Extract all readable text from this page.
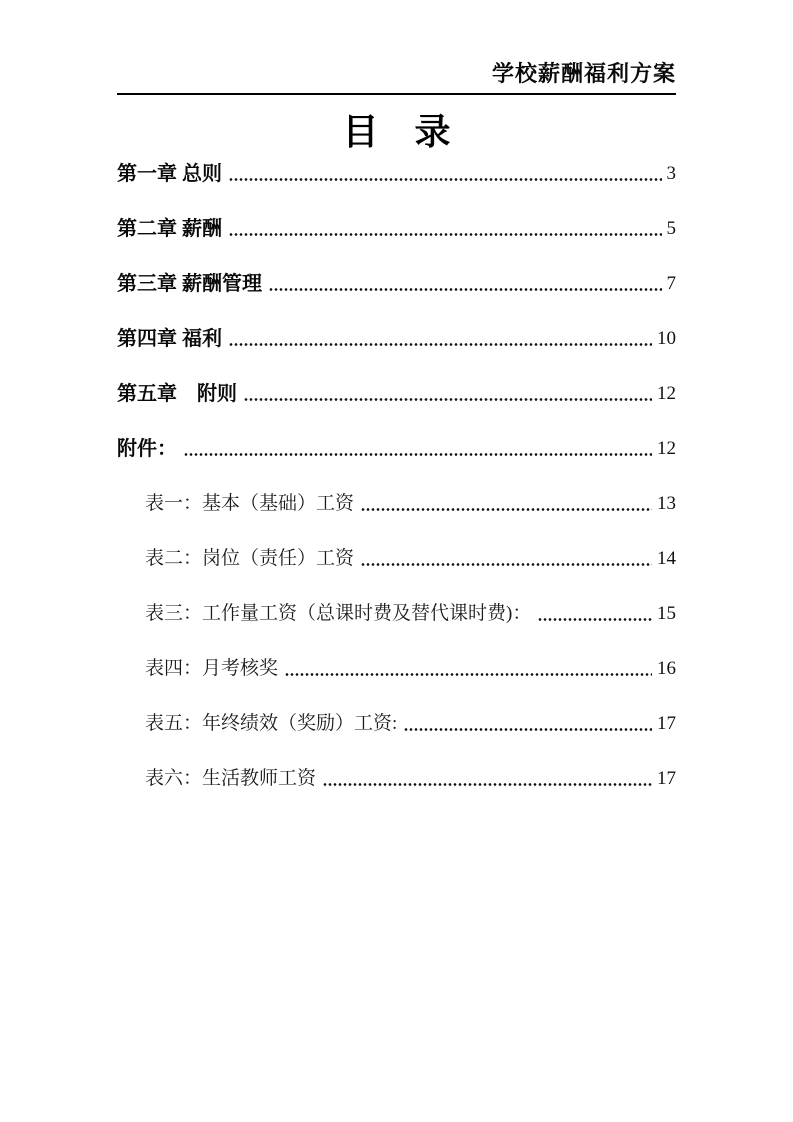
学校薪酬福利方案
目　录
第一章 总则	3
第二章 薪酬	5
第三章 薪酬管理	7
第四章 福利	10
第五章　附则	12
附件：	12
表一：基本（基础）工资	13
表二：岗位（责任）工资	14
表三：工作量工资（总课时费及替代课时费)：	15
表四：月考核奖	16
表五：年终绩效（奖励）工资:	17
表六：生活教师工资	17
